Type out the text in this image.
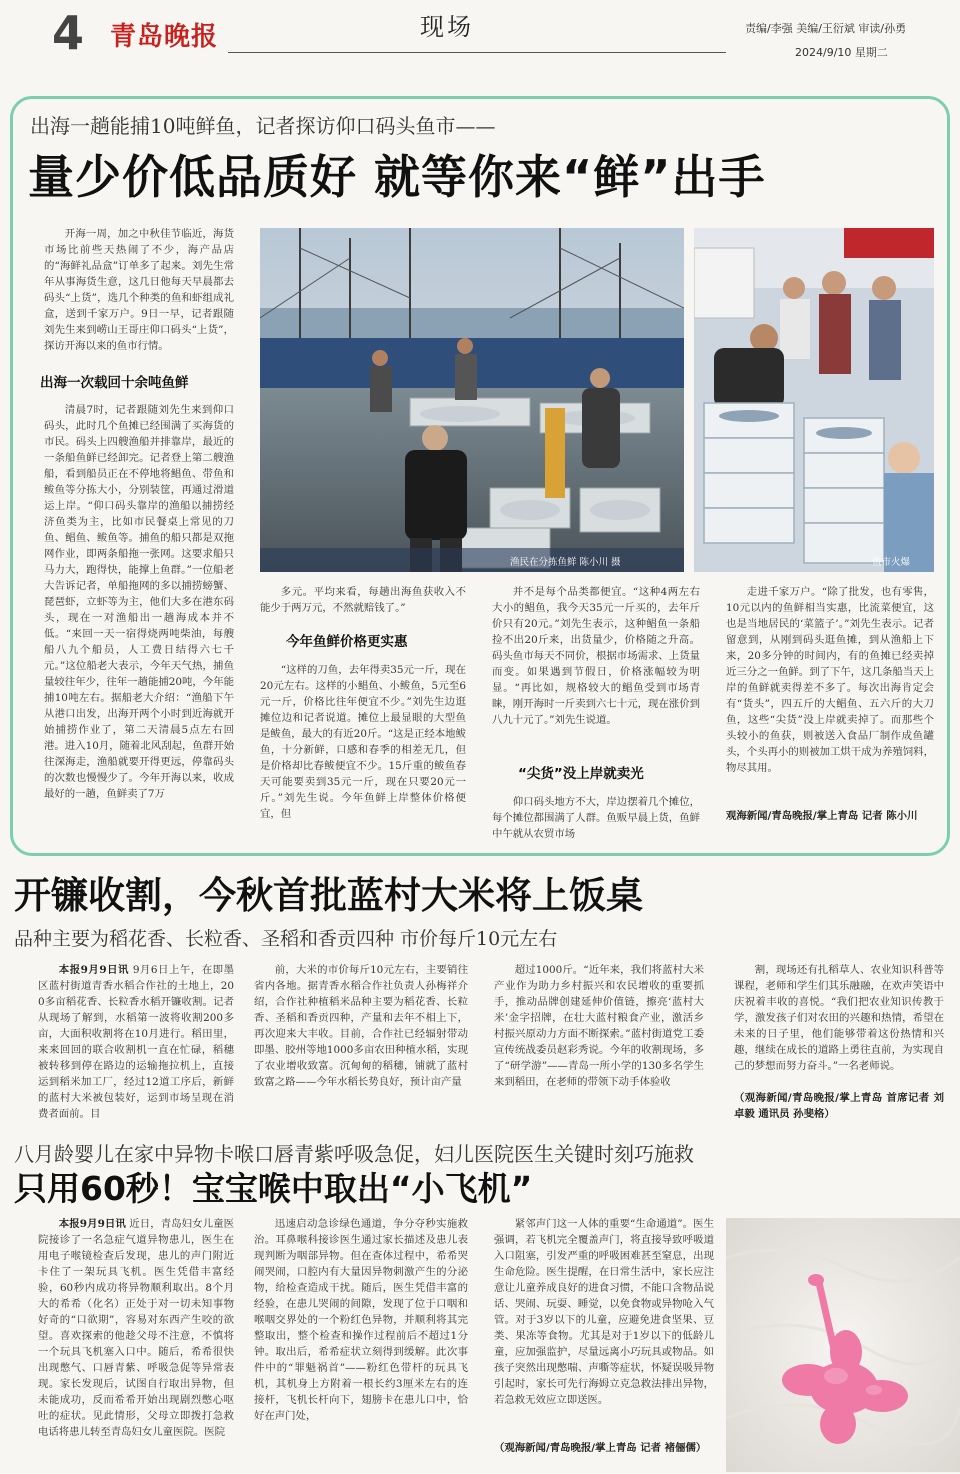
4 青岛晚报	现场	责编/李强 美编/王衍斌 审读/孙勇
2024/9/10 星期二
出海一趟能捕10吨鲜鱼，记者探访仰口码头鱼市——
量少价低品质好 就等你来“鲜”出手
开海一周，加之中秋佳节临近，海货市场比前些天热闹了不少，海产品店的“海鲜礼品盒”订单多了起来。刘先生常年从事海货生意，这几日他每天早晨都去码头“上货”，选几个种类的鱼和虾组成礼盒，送到千家万户。9日一早，记者跟随刘先生来到崂山王哥庄仰口码头“上货”，探访开海以来的鱼市行情。
出海一次载回十余吨鱼鲜
清晨7时，记者跟随刘先生来到仰口码头，此时几个鱼摊已经围满了买海货的市民。码头上四艘渔船并排靠岸，最近的一条船鱼鲜已经卸完。记者登上第二艘渔船，看到船员正在不停地将鲳鱼、带鱼和鲅鱼等分拣大小，分别装筐，再通过滑道运上岸。“仰口码头靠岸的渔船以捕捞经济鱼类为主，比如市民餐桌上常见的刀鱼、鲳鱼、鲅鱼等。捕鱼的船只都是双拖网作业，即两条船拖一张网。这要求船只马力大，跑得快，能撑上鱼群。”一位船老大告诉记者，单船拖网的多以捕捞螃蟹、琵琶虾，立虾等为主，他们大多在港东码头，现在一对渔船出一趟海成本并不低。“来回一天一宿得烧两吨柴油，每艘船八九个船员，人工费日结得六七千元。”这位船老大表示，今年天气热，捕鱼量较往年少，往年一趟能捕20吨，今年能捕10吨左右。据船老大介绍：“渔船下午从港口出发，出海开两个小时到近海就开始捕捞作业了，第二天清晨5点左右回港。进入10月，随着北风刮起，鱼群开始往深海走，渔船就要开得更远，停靠码头的次数也慢慢少了。今年开海以来，收成最好的一趟，鱼鲜卖了7万
渔民在分拣鱼鲜 陈小川 摄	鱼市火爆
多元。平均来看，每趟出海鱼获收入不能少于两万元，不然就赔钱了。”
今年鱼鲜价格更实惠
“这样的刀鱼，去年得卖35元一斤，现在20元左右。这样的小鲳鱼、小鲅鱼，5元至6元一斤，价格比往年便宜不少。”刘先生边逛摊位边和记者说道。摊位上最显眼的大型鱼是鲅鱼，最大的有近20斤。“这是正经本地鲅鱼，十分新鲜，口感和春季的相差无几，但是价格却比春鲅便宜不少。15斤重的鲅鱼春天可能要卖到35元一斤，现在只要20元一斤。”刘先生说。今年鱼鲜上岸整体价格便宜，但
并不是每个品类都便宜。“这种4两左右大小的鲳鱼，我今天35元一斤买的，去年斤价只有20元。”刘先生表示，这种鲳鱼一条船捡不出20斤来，出货量少，价格随之升高。码头鱼市每天不同价，根据市场需求、上货量而变。如果遇到节假日，价格涨幅较为明显。“再比如，规格较大的鲳鱼受到市场青睐，刚开海时一斤卖到六七十元，现在涨价到八九十元了。”刘先生说道。
“尖货”没上岸就卖光
仰口码头地方不大，岸边摆着几个摊位，每个摊位都围满了人群。鱼贩早晨上货，鱼鲜中午就从农贸市场
走进千家万户。“除了批发，也有零售，10元以内的鱼鲜相当实惠，比流菜便宜，这也是当地居民的‘菜篮子’。”刘先生表示。记者留意到，从刚到码头逛鱼摊，到从渔船上下来，20多分钟的时间内，有的鱼摊已经卖掉近三分之一鱼鲜。到了下午，这几条船当天上岸的鱼鲜就卖得差不多了。每次出海肯定会有“货头”，四五斤的大鲳鱼、五六斤的大刀鱼，这些“尖货”没上岸就卖掉了。而那些个头较小的鱼获，则被送入食品厂制作成鱼罐头，个头再小的则被加工烘干成为养殖饲料，物尽其用。
观海新闻/青岛晚报/掌上青岛 记者 陈小川
开镰收割，今秋首批蓝村大米将上饭桌
品种主要为稻花香、长粒香、圣稻和香贡四种 市价每斤10元左右
本报9月9日讯 9月6日上午，在即墨区蓝村街道青香水稻合作社的土地上，200多亩稻花香、长粒香水稻开镰收割。记者从现场了解到，水稻第一波将收割200多亩，大面积收割将在10月进行。稻田里，来来回回的联合收割机一直在忙碌，稻穗被转移到停在路边的运输拖拉机上，直接运到稻米加工厂，经过12道工序后，新鲜的蓝村大米被包装好，运到市场呈现在消费者面前。目
前，大米的市价每斤10元左右，主要销往省内各地。据青香水稻合作社负责人孙梅祥介绍，合作社种植稻米品种主要为稻花香、长粒香、圣稻和香贡四种，产量和去年不相上下，再次迎来大丰收。目前，合作社已经辐射带动即墨、胶州等地1000多亩农田种植水稻，实现了农业增收致富。沉甸甸的稻穗，铺就了蓝村致富之路——今年水稻长势良好，预计亩产量
超过1000斤。“近年来，我们将蓝村大米产业作为助力乡村振兴和农民增收的重要抓手，推动品牌创建延伸价值链，擦亮‘蓝村大米’金字招牌，在壮大蓝村粮食产业，激活乡村振兴原动力方面不断探索。”蓝村街道党工委宣传统战委员赵彩秀说。今年的收割现场，多了“研学游”——青岛一所小学的130多名学生来到稻田，在老师的带领下动手体验收
割，现场还有扎稻草人、农业知识科普等课程，老师和学生们其乐融融，在欢声笑语中庆祝着丰收的喜悦。“我们把农业知识传教于学，激发孩子们对农田的兴趣和热情，希望在未来的日子里，他们能够带着这份热情和兴趣，继续在成长的道路上勇往直前，为实现自己的梦想而努力奋斗。”一名老师说。
（观海新闻/青岛晚报/掌上青岛 首席记者 刘卓毅 通讯员 孙斐格）
八月龄婴儿在家中异物卡喉口唇青紫呼吸急促，妇儿医院医生关键时刻巧施救
只用60秒！宝宝喉中取出“小飞机”
本报9月9日讯 近日，青岛妇女儿童医院接诊了一名急症气道异物患儿，医生在用电子喉镜检查后发现，患儿的声门附近卡住了一架玩具飞机。医生凭借丰富经验，60秒内成功将异物顺利取出。8个月大的希希（化名）正处于对一切未知事物好奇的“口欲期”，容易对东西产生咬的欲望。喜欢探索的他趁父母不注意，不慎将一个玩具飞机塞入口中。随后，希希很快出现憋气、口唇青紫、呼吸急促等异常表现。家长发现后，试图自行取出异物，但未能成功，反而希希开始出现剧烈憋心呕吐的症状。见此情形，父母立即拨打急救电话将患儿转至青岛妇女儿童医院。医院
迅速启动急诊绿色通道，争分夺秒实施救治。耳鼻喉科接诊医生通过家长描述及患儿表现判断为咽部异物。但在查体过程中，希希哭闹哭闹，口腔内有大量因异物刺激产生的分泌物，给检查造成干扰。随后，医生凭借丰富的经验，在患儿哭闹的间隙，发现了位于口咽和喉咽交界处的一个粉红色异物，并顺利将其完整取出，整个检查和操作过程前后不超过1分钟。取出后，希希症状立刻得到缓解。此次事件中的“罪魁祸首”——粉红色带杆的玩具飞机，其机身上方附着一根长约3厘米左右的连接杆，飞机长杆向下，翅膀卡在患儿口中，恰好在声门处，
紧邻声门这一人体的重要“生命通道”。医生强调，若飞机完全覆盖声门，将直接导致呼吸道入口阻塞，引发严重的呼吸困难甚至窒息，出现生命危险。医生提醒，在日常生活中，家长应注意让儿童养成良好的进食习惯，不能口含物品说话、哭闹、玩耍、睡觉，以免食物或异物呛入气管。对于3岁以下的儿童，应避免进食坚果、豆类、果冻等食物。尤其是对于1岁以下的低龄儿童，应加强监护，尽量远离小巧玩具或物品。如孩子突然出现憋喘、声嘶等症状，怀疑误吸异物引起时，家长可先行海姆立克急救法排出异物，若急救无效应立即送医。
（观海新闻/青岛晚报/掌上青岛 记者 褚俪儒）
